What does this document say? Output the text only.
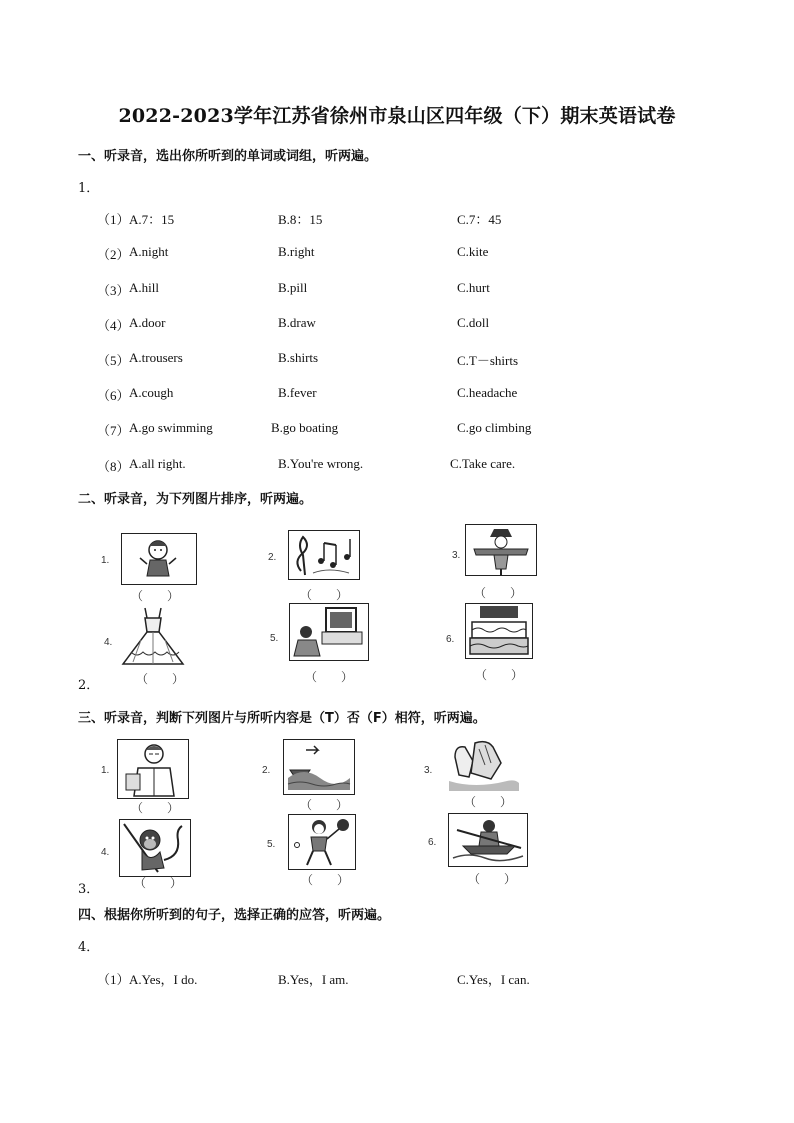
2022-2023学年江苏省徐州市泉山区四年级（下）期末英语试卷
一、听录音，选出你所听到的单词或词组，听两遍。
1．
（1） A.7：15	B.8：15	C.7：45
（2） A.night	B.right	C.kite
（3） A.hill	B.pill	C.hurt
（4） A.door	B.draw	C.doll
（5） A.trousers	B.shirts	C.T－shirts
（6） A.cough	B.fever	C.headache
（7） A.go swimming	B.go boating	C.go climbing
（8） A.all right.	B.You're wrong.	C.Take care.
二、听录音，为下列图片排序，听两遍。
1.
（　　）
2.
（　　）
3.
（　　）
4.
（　　）
5.
（　　）
6.
（　　）
2．
三、听录音，判断下列图片与所听内容是（T）否（F）相符，听两遍。
1.
（　　）
2.
（　　）
3.
（　　）
4.
（　　）
5.
（　　）
6.
（　　）
3．
四、根据你所听到的句子，选择正确的应答，听两遍。
4．
（1） A.Yes，I do.	B.Yes，I am.	C.Yes，I can.
